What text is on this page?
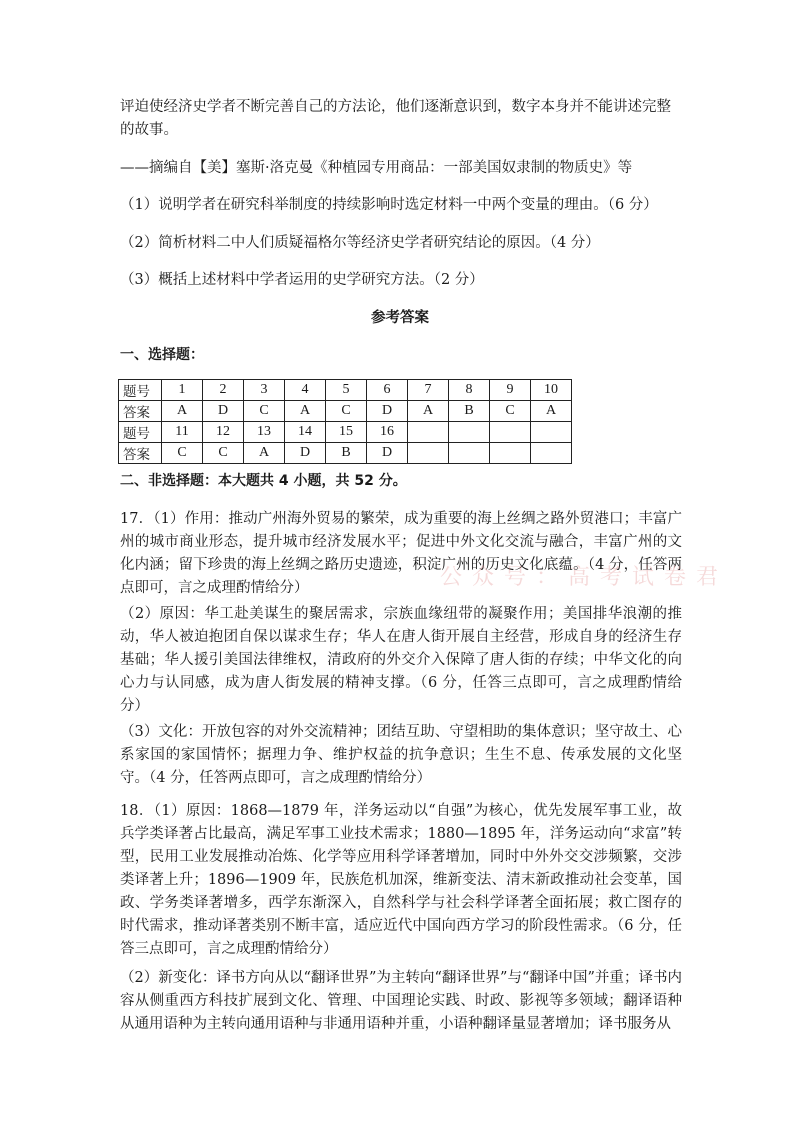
评迫使经济史学者不断完善自己的方法论，他们逐渐意识到，数字本身并不能讲述完整

的故事。

——摘编自【美】塞斯·洛克曼《种植园专用商品：一部美国奴隶制的物质史》等

（1）说明学者在研究科举制度的持续影响时选定材料一中两个变量的理由。（6 分）

（2）简析材料二中人们质疑福格尔等经济史学者研究结论的原因。（4 分）

（3）概括上述材料中学者运用的史学研究方法。（2 分）

参考答案
一、选择题：
题号	1	2	3	4	5	6	7	8	9	10
答案	A	D	C	A	C	D	A	B	C	A
题号	11	12	13	14	15	16				
答案	C	C	A	D	B	D				
二、非选择题：本大题共 4 小题，共 52 分。

17．（1）作用：推动广州海外贸易的繁荣，成为重要的海上丝绸之路外贸港口；丰富广州的城市商业形态，提升城市经济发展水平；促进中外文化交流与融合，丰富广州的文化内涵；留下珍贵的海上丝绸之路历史遗迹，积淀广州的历史文化底蕴。（4 分，任答两点即可，言之成理酌情给分）

（2）原因：华工赴美谋生的聚居需求，宗族血缘纽带的凝聚作用；美国排华浪潮的推动，华人被迫抱团自保以谋求生存；华人在唐人街开展自主经营，形成自身的经济生存基础；华人援引美国法律维权，清政府的外交介入保障了唐人街的存续；中华文化的向心力与认同感，成为唐人街发展的精神支撑。（6 分，任答三点即可，言之成理酌情给分）

（3）文化：开放包容的对外交流精神；团结互助、守望相助的集体意识；坚守故土、心系家国的家国情怀；据理力争、维护权益的抗争意识；生生不息、传承发展的文化坚守。（4 分，任答两点即可，言之成理酌情给分）

18．（1）原因：1868—1879 年，洋务运动以“自强”为核心，优先发展军事工业，故兵学类译著占比最高，满足军事工业技术需求；1880—1895 年，洋务运动向“求富”转型，民用工业发展推动冶炼、化学等应用科学译著增加，同时中外外交交涉频繁，交涉类译著上升；1896—1909 年，民族危机加深，维新变法、清末新政推动社会变革，国政、学务类译著增多，西学东渐深入，自然科学与社会科学译著全面拓展；救亡图存的时代需求，推动译著类别不断丰富，适应近代中国向西方学习的阶段性需求。（6 分，任答三点即可，言之成理酌情给分）

（2）新变化：译书方向从以“翻译世界”为主转向“翻译世界”与“翻译中国”并重；译书内容从侧重西方科技扩展到文化、管理、中国理论实践、时政、影视等多领域；翻译语种从通用语种为主转向通用语种与非通用语种并重，小语种翻译量显著增加；译书服务从

公众号：高考试卷君
